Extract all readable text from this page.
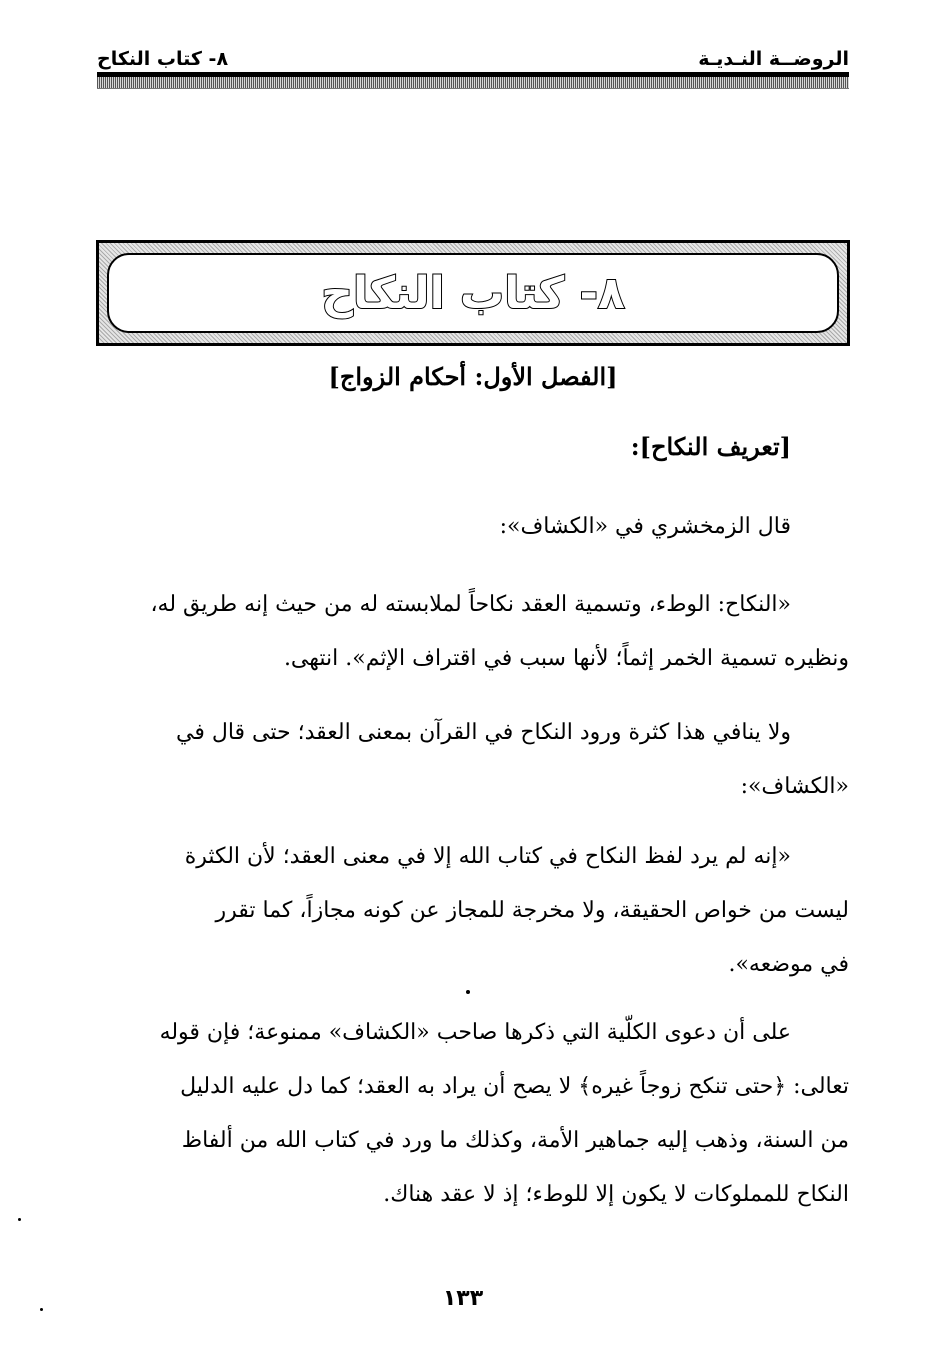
الروضــة النـديـة
٨- كتاب النكاح
٨- كتاب النكاح
[الفصل الأول: أحكام الزواج]
[تعريف النكاح]:
قال الزمخشري في «الكشاف»:
«النكاح: الوطء، وتسمية العقد نكاحاً لملابسته له من حيث إنه طريق له،
ونظيره تسمية الخمر إثماً؛ لأنها سبب في اقتراف الإثم». انتهى.
ولا ينافي هذا كثرة ورود النكاح في القرآن بمعنى العقد؛ حتى قال في
«الكشاف»:
«إنه لم يرد لفظ النكاح في كتاب الله إلا في معنى العقد؛ لأن الكثرة
ليست من خواص الحقيقة، ولا مخرجة للمجاز عن كونه مجازاً، كما تقرر
في موضعه».
على أن دعوى الكلّية التي ذكرها صاحب «الكشاف» ممنوعة؛ فإن قوله
تعالى: ﴿حتى تنكح زوجاً غيره﴾ لا يصح أن يراد به العقد؛ كما دل عليه الدليل
من السنة، وذهب إليه جماهير الأمة، وكذلك ما ورد في كتاب الله من ألفاظ
النكاح للمملوكات لا يكون إلا للوطء؛ إذ لا عقد هناك.
١٣٣
